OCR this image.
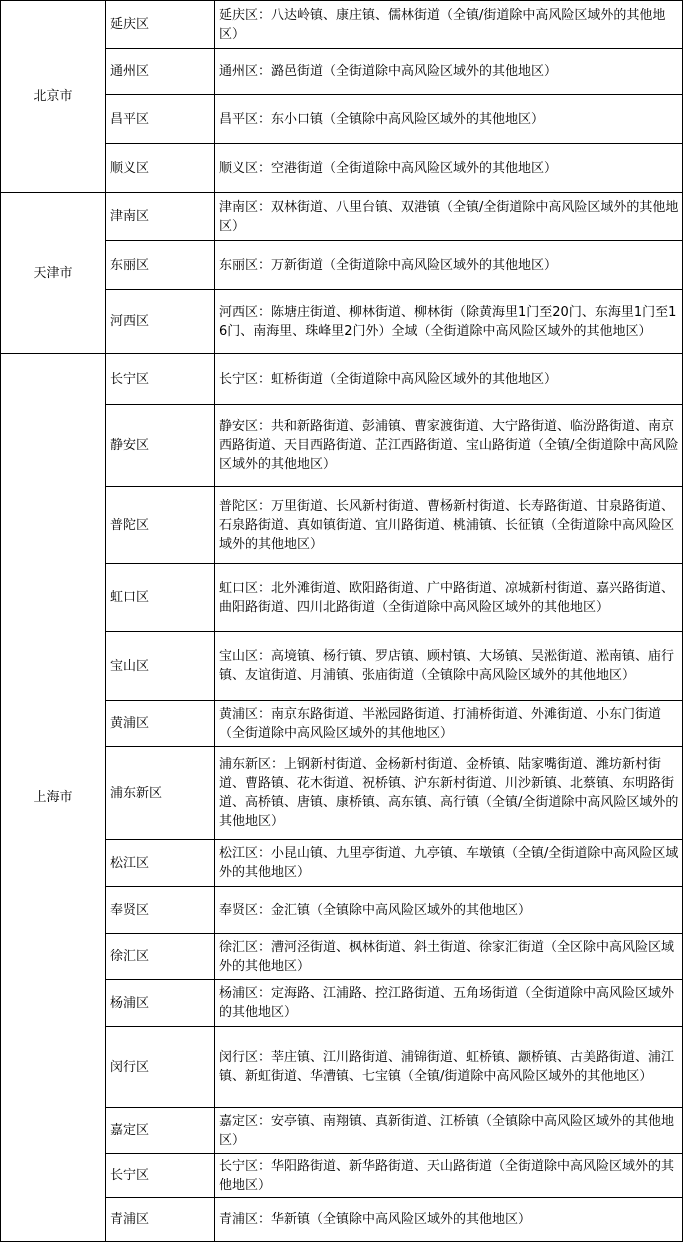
北京市	延庆区	延庆区：八达岭镇、康庄镇、儒林街道（全镇/街道除中高风险区域外的其他地区）
	通州区	通州区：潞邑街道（全街道除中高风险区域外的其他地区）
	昌平区	昌平区：东小口镇（全镇除中高风险区域外的其他地区）
	顺义区	顺义区：空港街道（全街道除中高风险区域外的其他地区）
天津市	津南区	津南区：双林街道、八里台镇、双港镇（全镇/全街道除中高风险区域外的其他地区）
	东丽区	东丽区：万新街道（全街道除中高风险区域外的其他地区）
	河西区	河西区：陈塘庄街道、柳林街道、柳林街（除黄海里1门至20门、东海里1门至16门、南海里、珠峰里2门外）全域（全街道除中高风险区域外的其他地区）
上海市	长宁区	长宁区：虹桥街道（全街道除中高风险区域外的其他地区）
	静安区	静安区：共和新路街道、彭浦镇、曹家渡街道、大宁路街道、临汾路街道、南京西路街道、天目西路街道、芷江西路街道、宝山路街道（全镇/全街道除中高风险区域外的其他地区）
	普陀区	普陀区：万里街道、长风新村街道、曹杨新村街道、长寿路街道、甘泉路街道、石泉路街道、真如镇街道、宜川路街道、桃浦镇、长征镇（全街道除中高风险区域外的其他地区）
	虹口区	虹口区：北外滩街道、欧阳路街道、广中路街道、凉城新村街道、嘉兴路街道、曲阳路街道、四川北路街道（全街道除中高风险区域外的其他地区）
	宝山区	宝山区：高境镇、杨行镇、罗店镇、顾村镇、大场镇、吴淞街道、淞南镇、庙行镇、友谊街道、月浦镇、张庙街道（全镇除中高风险区域外的其他地区）
	黄浦区	黄浦区：南京东路街道、半淞园路街道、打浦桥街道、外滩街道、小东门街道（全街道除中高风险区域外的其他地区）
	浦东新区	浦东新区：上钢新村街道、金杨新村街道、金桥镇、陆家嘴街道、潍坊新村街道、曹路镇、花木街道、祝桥镇、沪东新村街道、川沙新镇、北蔡镇、东明路街道、高桥镇、唐镇、康桥镇、高东镇、高行镇（全镇/全街道除中高风险区域外的其他地区）
	松江区	松江区：小昆山镇、九里亭街道、九亭镇、车墩镇（全镇/全街道除中高风险区域外的其他地区）
	奉贤区	奉贤区：金汇镇（全镇除中高风险区域外的其他地区）
	徐汇区	徐汇区：漕河泾街道、枫林街道、斜土街道、徐家汇街道（全区除中高风险区域外的其他地区）
	杨浦区	杨浦区：定海路、江浦路、控江路街道、五角场街道（全街道除中高风险区域外的其他地区）
	闵行区	闵行区：莘庄镇、江川路街道、浦锦街道、虹桥镇、颛桥镇、古美路街道、浦江镇、新虹街道、华漕镇、七宝镇（全镇/街道除中高风险区域外的其他地区）
	嘉定区	嘉定区：安亭镇、南翔镇、真新街道、江桥镇（全镇除中高风险区域外的其他地区）
	长宁区	长宁区：华阳路街道、新华路街道、天山路街道（全街道除中高风险区域外的其他地区）
	青浦区	青浦区：华新镇（全镇除中高风险区域外的其他地区）
